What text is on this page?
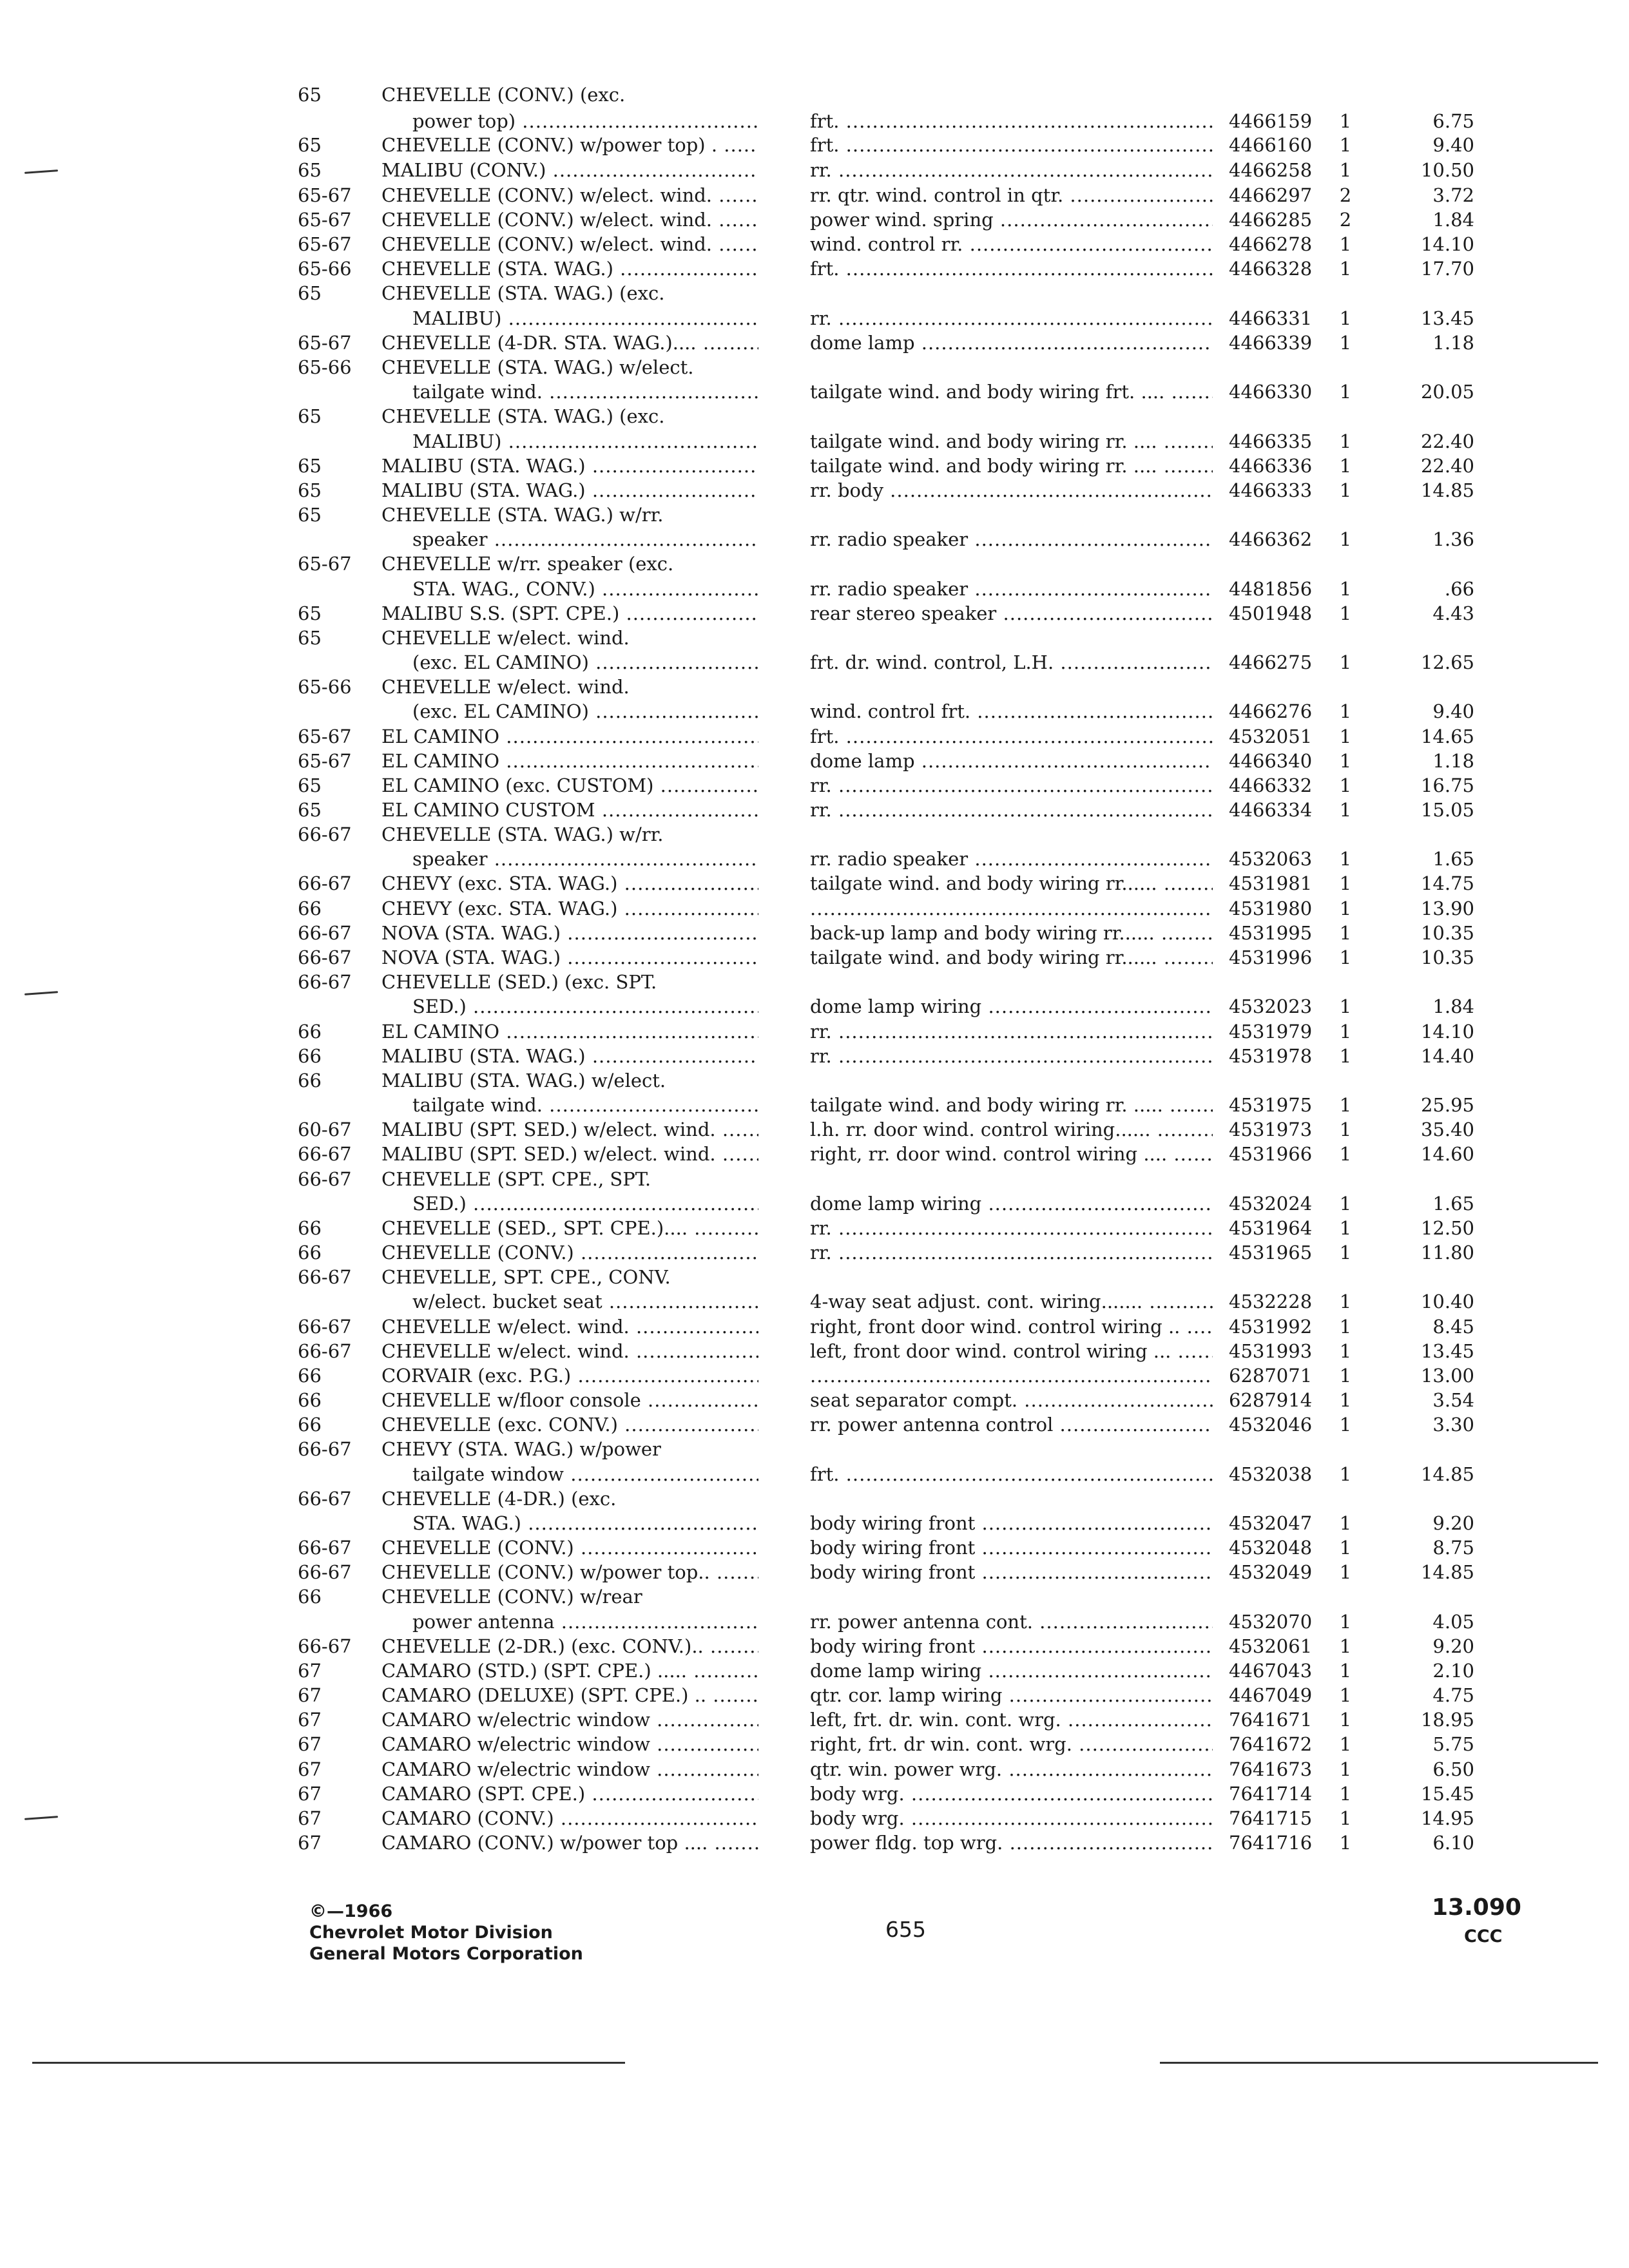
65	CHEVELLE (CONV.) (exc.
power top) .....	frt. .....	4466159	1	6.75
65	CHEVELLE (CONV.) w/power top) . .....	frt. .....	4466160	1	9.40
65	MALIBU (CONV.) .....	rr. .....	4466258	1	10.50
65-67 CHEVELLE (CONV.) w/elect. wind. .....	rr. qtr. wind. control in qtr. .....	4466297	2	3.72
65-67 CHEVELLE (CONV.) w/elect. wind. .....	power wind. spring .....	4466285	2	1.84
65-67 CHEVELLE (CONV.) w/elect. wind. .....	wind. control rr. .....	4466278	1	14.10
65-66 CHEVELLE (STA. WAG.) .....	frt. .....	4466328	1	17.70
65	CHEVELLE (STA. WAG.) (exc.
MALIBU) .....	rr. .....	4466331	1	13.45
65-67 CHEVELLE (4-DR. STA. WAG.).... .....	dome lamp .....	4466339	1	1.18
65-66 CHEVELLE (STA. WAG.) w/elect.
tailgate wind. .....	tailgate wind. and body wiring frt. .... .....	4466330	1	20.05
65	CHEVELLE (STA. WAG.) (exc.
MALIBU) .....	tailgate wind. and body wiring rr. .... .....	4466335	1	22.40
65	MALIBU (STA. WAG.) .....	tailgate wind. and body wiring rr. .... .....	4466336	1	22.40
65	MALIBU (STA. WAG.) .....	rr. body .....	4466333	1	14.85
65	CHEVELLE (STA. WAG.) w/rr.
speaker .....	rr. radio speaker .....	4466362	1	1.36
65-67 CHEVELLE w/rr. speaker (exc.
STA. WAG., CONV.) .....	rr. radio speaker .....	4481856	1	.66
65	MALIBU S.S. (SPT. CPE.) .....	rear stereo speaker .....	4501948	1	4.43
65	CHEVELLE w/elect. wind.
(exc. EL CAMINO) .....	frt. dr. wind. control, L.H. .....	4466275	1	12.65
65-66 CHEVELLE w/elect. wind.
(exc. EL CAMINO) .....	wind. control frt. .....	4466276	1	9.40
65-67 EL CAMINO .....	frt. .....	4532051	1	14.65
65-67 EL CAMINO .....	dome lamp .....	4466340	1	1.18
65	EL CAMINO (exc. CUSTOM) .....	rr. .....	4466332	1	16.75
65	EL CAMINO CUSTOM .....	rr. .....	4466334	1	15.05
66-67 CHEVELLE (STA. WAG.) w/rr.
speaker .....	rr. radio speaker .....	4532063	1	1.65
66-67 CHEVY (exc. STA. WAG.) .....	tailgate wind. and body wiring rr...... .....	4531981	1	14.75
66	CHEVY (exc. STA. WAG.) ..... .....	4531980	1	13.90
66-67 NOVA (STA. WAG.) .....	back-up lamp and body wiring rr...... .....	4531995	1	10.35
66-67 NOVA (STA. WAG.) .....	tailgate wind. and body wiring rr...... .....	4531996	1	10.35
66-67 CHEVELLE (SED.) (exc. SPT.
SED.) .....	dome lamp wiring .....	4532023	1	1.84
66	EL CAMINO .....	rr. .....	4531979	1	14.10
66	MALIBU (STA. WAG.) .....	rr. .....	4531978	1	14.40
66	MALIBU (STA. WAG.) w/elect.
tailgate wind. .....	tailgate wind. and body wiring rr. ..... .....	4531975	1	25.95
60-67 MALIBU (SPT. SED.) w/elect. wind. .....	l.h. rr. door wind. control wiring...... .....	4531973	1	35.40
66-67 MALIBU (SPT. SED.) w/elect. wind. .....	right, rr. door wind. control wiring .... .....	4531966	1	14.60
66-67 CHEVELLE (SPT. CPE., SPT.
SED.) .....	dome lamp wiring .....	4532024	1	1.65
66	CHEVELLE (SED., SPT. CPE.).... .....	rr. .....	4531964	1	12.50
66	CHEVELLE (CONV.) .....	rr. .....	4531965	1	11.80
66-67 CHEVELLE, SPT. CPE., CONV.
w/elect. bucket seat .....	4-way seat adjust. cont. wiring....... .....	4532228	1	10.40
66-67 CHEVELLE w/elect. wind. .....	right, front door wind. control wiring .. .....	4531992	1	8.45
66-67 CHEVELLE w/elect. wind. .....	left, front door wind. control wiring ... .....	4531993	1	13.45
66	CORVAIR (exc. P.G.) ..... .....	6287071	1	13.00
66	CHEVELLE w/floor console .....	seat separator compt. .....	6287914	1	3.54
66	CHEVELLE (exc. CONV.) .....	rr. power antenna control .....	4532046	1	3.30
66-67 CHEVY (STA. WAG.) w/power
tailgate window .....	frt. .....	4532038	1	14.85
66-67 CHEVELLE (4-DR.) (exc.
STA. WAG.) .....	body wiring front .....	4532047	1	9.20
66-67 CHEVELLE (CONV.) .....	body wiring front .....	4532048	1	8.75
66-67 CHEVELLE (CONV.) w/power top.. .....	body wiring front .....	4532049	1	14.85
66	CHEVELLE (CONV.) w/rear
power antenna .....	rr. power antenna cont. .....	4532070	1	4.05
66-67 CHEVELLE (2-DR.) (exc. CONV.).. .....	body wiring front .....	4532061	1	9.20
67	CAMARO (STD.) (SPT. CPE.) ..... .....	dome lamp wiring .....	4467043	1	2.10
67	CAMARO (DELUXE) (SPT. CPE.) .. .....	qtr. cor. lamp wiring .....	4467049	1	4.75
67	CAMARO w/electric window .....	left, frt. dr. win. cont. wrg. .....	7641671	1	18.95
67	CAMARO w/electric window .....	right, frt. dr win. cont. wrg. .....	7641672	1	5.75
67	CAMARO w/electric window .....	qtr. win. power wrg. .....	7641673	1	6.50
67	CAMARO (SPT. CPE.) .....	body wrg. .....	7641714	1	15.45
67	CAMARO (CONV.) .....	body wrg. .....	7641715	1	14.95
67	CAMARO (CONV.) w/power top .... .....	power fldg. top wrg. .....	7641716	1	6.10
©—1966
Chevrolet Motor Division
General Motors Corporation
655
13.090
CCC
